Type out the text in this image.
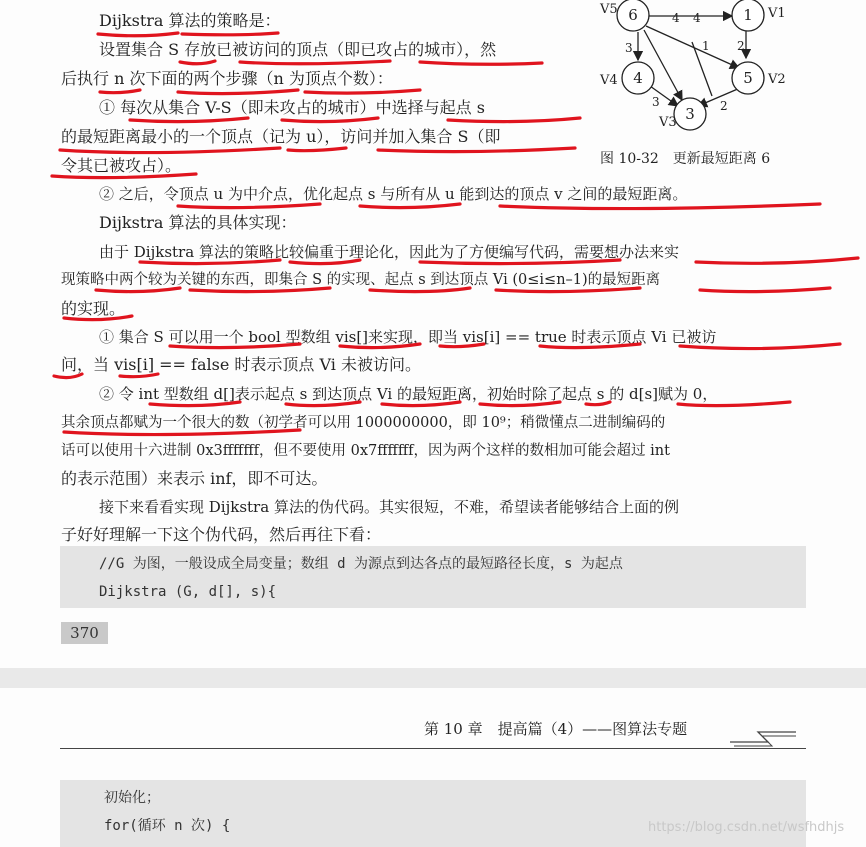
Dijkstra 算法的策略是：
设置集合 S 存放已被访问的顶点（即已攻占的城市），然
后执行 n 次下面的两个步骤（n 为顶点个数）：
① 每次从集合 V-S（即未攻占的城市）中选择与起点 s
的最短距离最小的一个顶点（记为 u），访问并加入集合 S（即
令其已被攻占）。
② 之后，令顶点 u 为中介点，优化起点 s 与所有从 u 能到达的顶点 v 之间的最短距离。
Dijkstra 算法的具体实现：
由于 Dijkstra 算法的策略比较偏重于理论化，因此为了方便编写代码，需要想办法来实
现策略中两个较为关键的东西，即集合 S 的实现、起点 s 到达顶点 Vi (0≤i≤n–1)的最短距离
的实现。
① 集合 S 可以用一个 bool 型数组 vis[]来实现，即当 vis[i] == true 时表示顶点 Vi 已被访
问，当 vis[i] == false 时表示顶点 Vi 未被访问。
② 令 int 型数组 d[]表示起点 s 到达顶点 Vi 的最短距离，初始时除了起点 s 的 d[s]赋为 0，
其余顶点都赋为一个很大的数（初学者可以用 1000000000，即 10⁹；稍微懂点二进制编码的
话可以使用十六进制 0x3fffffff，但不要使用 0x7fffffff，因为两个这样的数相加可能会超过 int
的表示范围）来表示 inf，即不可达。
接下来看看实现 Dijkstra 算法的伪代码。其实很短，不难，希望读者能够结合上面的例
子好好理解一下这个伪代码，然后再往下看：
//G 为图，一般设成全局变量；数组 d 为源点到达各点的最短路径长度，s 为起点
Dijkstra (G, d[], s){
370
6	1
4	5
3
V5	V1
V4	V2
V3
4 4
1
3	2
3	2
图 10-32　更新最短距离 6
第 10 章　提高篇（4）——图算法专题
初始化；
for(循环 n 次) {	https://blog.csdn.net/wsfhdhjs
